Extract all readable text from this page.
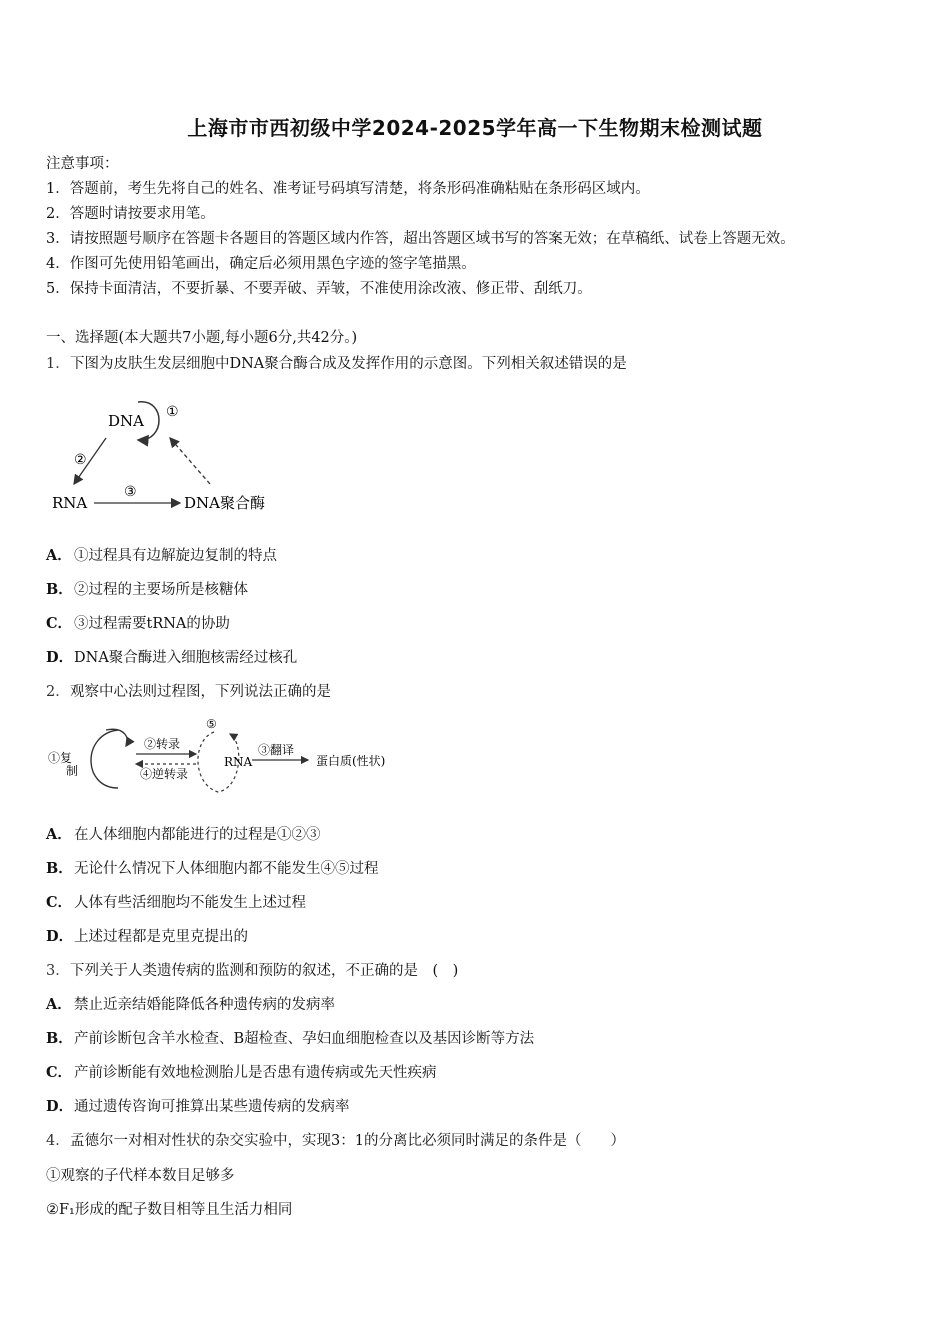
上海市市西初级中学2024-2025学年高一下生物期末检测试题
注意事项：
1．答题前，考生先将自己的姓名、准考证号码填写清楚，将条形码准确粘贴在条形码区域内。
2．答题时请按要求用笔。
3．请按照题号顺序在答题卡各题目的答题区域内作答，超出答题区域书写的答案无效；在草稿纸、试卷上答题无效。
4．作图可先使用铅笔画出，确定后必须用黑色字迹的签字笔描黑。
5．保持卡面清洁，不要折暴、不要弄破、弄皱，不准使用涂改液、修正带、刮纸刀。
一、选择题(本大题共7小题,每小题6分,共42分。)
1．下图为皮肤生发层细胞中DNA聚合酶合成及发挥作用的示意图。下列相关叙述错误的是
DNA ①
②
RNA
③
DNA聚合酶
A． ①过程具有边解旋边复制的特点
B．②过程的主要场所是核糖体
C． ③过程需要tRNA的协助
D．DNA聚合酶进入细胞核需经过核孔
2．观察中心法则过程图，下列说法正确的是
①复
制
②转录
④逆转录
⑤
RNA
③翻译
蛋白质(性状)
A． 在人体细胞内都能进行的过程是①②③
B．无论什么情况下人体细胞内都不能发生④⑤过程
C． 人体有些活细胞均不能发生上述过程
D．上述过程都是克里克提出的
3．下列关于人类遗传病的监测和预防的叙述，不正确的是　(　)
A． 禁止近亲结婚能降低各种遗传病的发病率
B．产前诊断包含羊水检查、B超检查、孕妇血细胞检查以及基因诊断等方法
C． 产前诊断能有效地检测胎儿是否患有遗传病或先天性疾病
D．通过遗传咨询可推算出某些遗传病的发病率
4．孟德尔一对相对性状的杂交实验中，实现3：1的分离比必须同时满足的条件是（　　）
①观察的子代样本数目足够多
②F₁形成的配子数目相等且生活力相同
